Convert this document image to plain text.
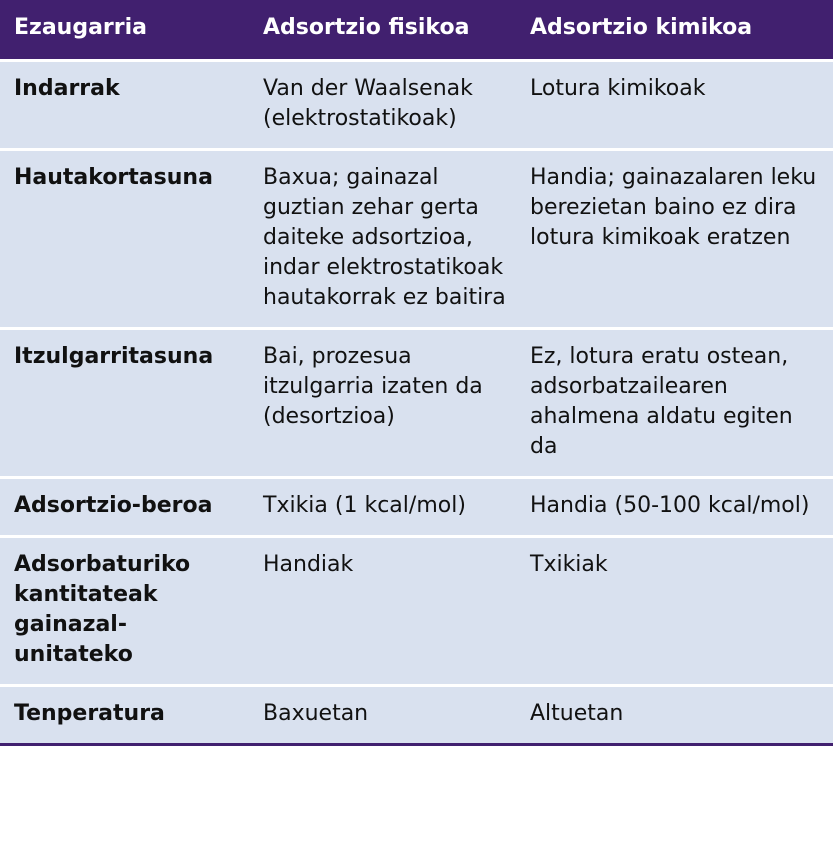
Ezaugarria	Adsortzio fisikoa	Adsortzio kimikoa
Indarrak	Van der Waalsenak (elektrostatikoak)	Lotura kimikoak
Hautakortasuna	Baxua; gainazal guztian zehar gerta daiteke adsortzioa, indar elektrostatikoak hautakorrak ez baitira	Handia; gainazalaren leku berezietan baino ez dira lotura kimikoak eratzen
Itzulgarritasuna	Bai, prozesua itzulgarria izaten da (desortzioa)	Ez, lotura eratu ostean, adsorbatzailearen ahalmena aldatu egiten da
Adsortzio-beroa	Txikia (1 kcal/mol)	Handia (50-100 kcal/mol)
Adsorbaturiko kantitateak gainazal-unitateko	Handiak	Txikiak
Tenperatura	Baxuetan	Altuetan
